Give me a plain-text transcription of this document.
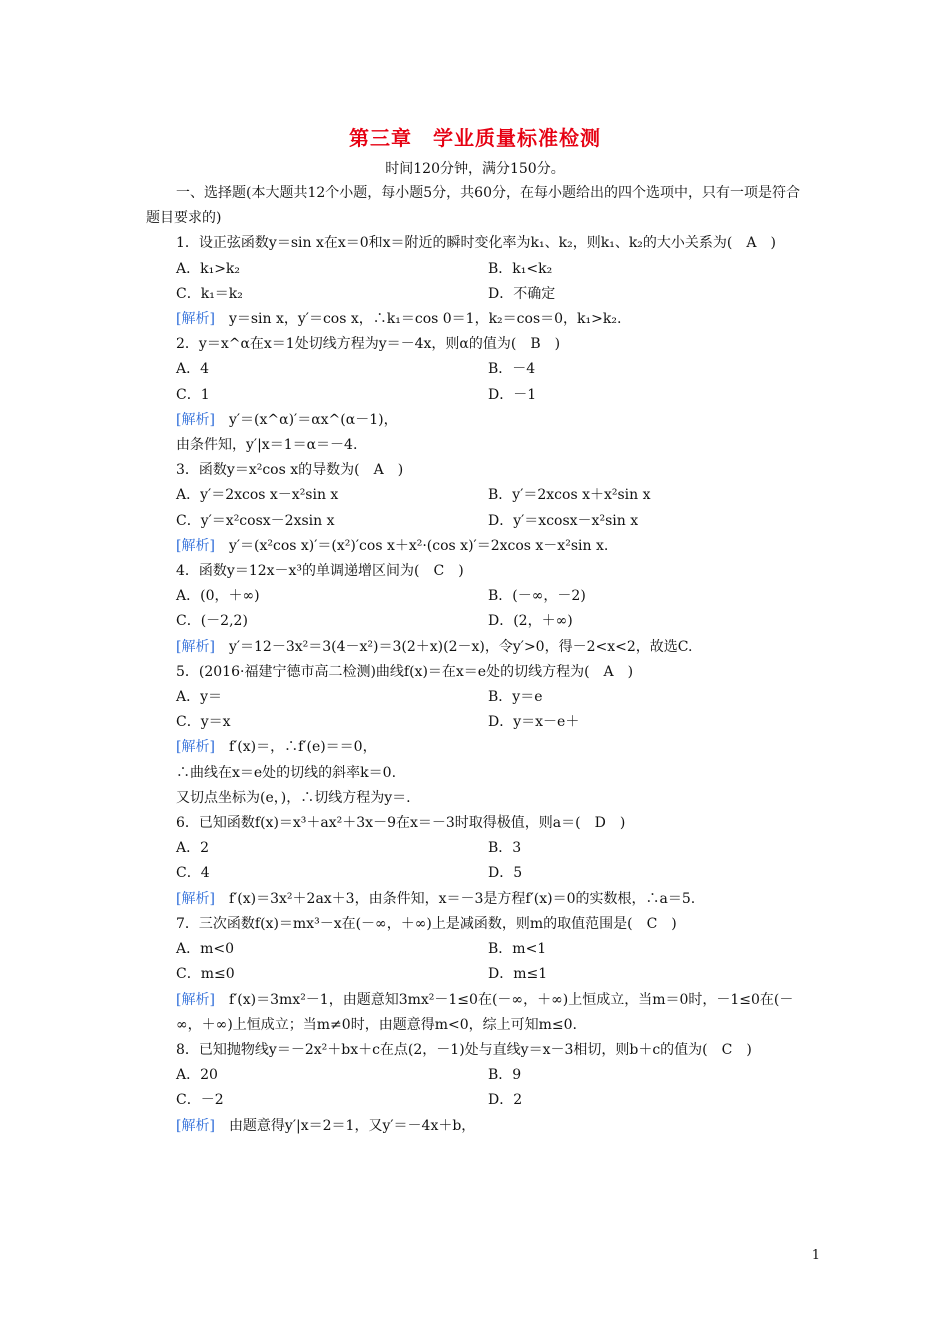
第三章　学业质量标准检测
时间120分钟，满分150分。

一、选择题(本大题共12个小题，每小题5分，共60分，在每小题给出的四个选项中，只有一项是符合题目要求的)

1．设正弦函数y＝sin x在x＝0和x＝附近的瞬时变化率为k₁、k₂，则k₁、k₂的大小关系为(　A　)

A．k₁>k₂	B．k₁<k₂
C．k₁＝k₂	D．不确定

[解析]　 y＝sin x，y′＝cos x，∴k₁＝cos 0＝1，k₂＝cos＝0，k₁>k₂.

2．y＝x^α在x＝1处切线方程为y＝－4x，则α的值为(　B　)

A．4	B．－4
C．1	D．－1

[解析]　 y′＝(x^α)′＝αx^(α－1)，

由条件知，y′|x＝1＝α＝－4.

3．函数y＝x²cos x的导数为(　A　)

A．y′＝2xcos x－x²sin x	B．y′＝2xcos x＋x²sin x
C．y′＝x²cosx－2xsin x	D．y′＝xcosx－x²sin x

[解析]　 y′＝(x²cos x)′＝(x²)′cos x＋x²·(cos x)′＝2xcos x－x²sin x.

4．函数y＝12x－x³的单调递增区间为(　C　)

A．(0，＋∞)	B．(－∞，－2)
C．(－2,2)	D．(2，＋∞)

[解析]　 y′＝12－3x²＝3(4－x²)＝3(2＋x)(2－x)，令y′>0，得－2<x<2，故选C.

5．(2016·福建宁德市高二检测)曲线f(x)＝在x＝e处的切线方程为(　A　)

A．y＝	B．y＝e
C．y＝x	D．y＝x－e＋

[解析]　 f′(x)＝，∴f′(e)＝＝0，

∴曲线在x＝e处的切线的斜率k＝0.

又切点坐标为(e，)，∴切线方程为y＝.

6．已知函数f(x)＝x³＋ax²＋3x－9在x＝－3时取得极值，则a＝(　D　)

A．2	B．3
C．4	D．5

[解析]　 f′(x)＝3x²＋2ax＋3，由条件知，x＝－3是方程f′(x)＝0的实数根，∴a＝5.

7．三次函数f(x)＝mx³－x在(－∞，＋∞)上是减函数，则m的取值范围是(　C　)

A．m<0	B．m<1
C．m≤0	D．m≤1

[解析]　 f′(x)＝3mx²－1，由题意知3mx²－1≤0在(－∞，＋∞)上恒成立，当m＝0时，－1≤0在(－∞，＋∞)上恒成立；当m≠0时，由题意得m<0，综上可知m≤0.

8．已知抛物线y＝－2x²＋bx＋c在点(2，－1)处与直线y＝x－3相切，则b＋c的值为(　C　)

A．20	B．9
C．－2	D．2

[解析]　 由题意得y′|x＝2＝1，又y′＝－4x＋b，

1
